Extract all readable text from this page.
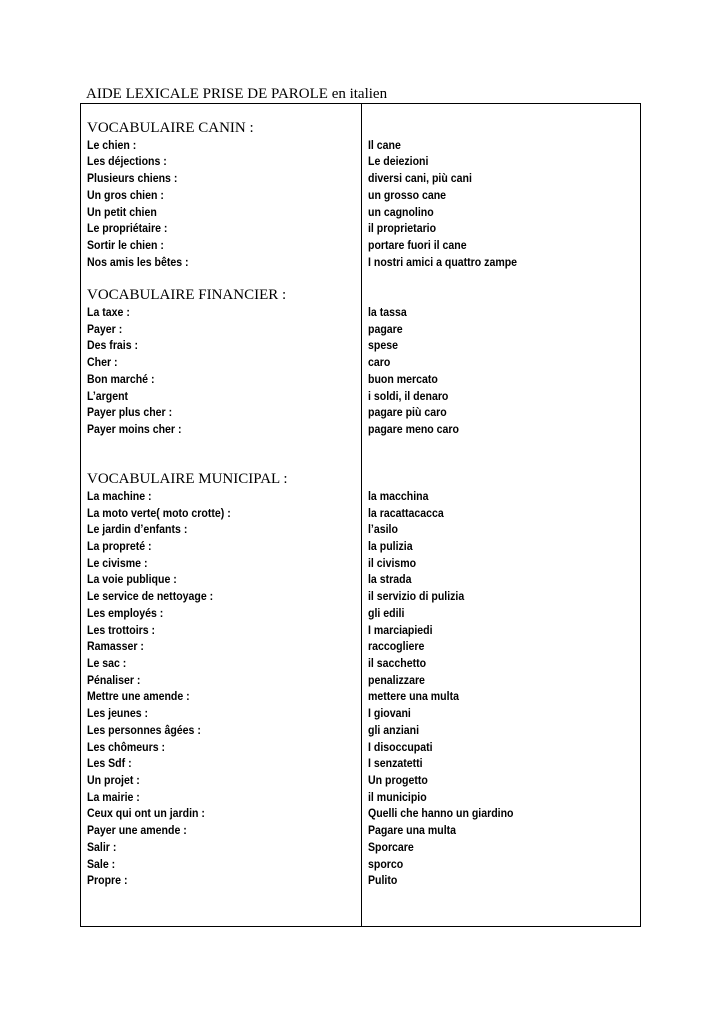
AIDE LEXICALE PRISE DE PAROLE en italien
VOCABULAIRE CANIN :
Le chien :
Les déjections :
Plusieurs chiens :
Un gros chien :
Un petit chien
Le propriétaire :
Sortir le chien :
Nos amis les bêtes :
VOCABULAIRE FINANCIER :
La taxe :
Payer :
Des frais :
Cher :
Bon marché :
L’argent
Payer plus cher :
Payer moins cher :
VOCABULAIRE MUNICIPAL :
La machine :
La moto verte( moto crotte) :
Le jardin d’enfants :
La propreté :
Le civisme :
La voie publique :
Le service de nettoyage :
Les employés :
Les trottoirs :
Ramasser :
Le sac :
Pénaliser :
Mettre une amende :
Les jeunes :
Les personnes âgées :
Les chômeurs :
Les Sdf :
Un projet :
La mairie :
Ceux qui ont un jardin :
Payer une amende :
Salir :
Sale :
Propre :
Il cane
Le deiezioni
diversi cani, più cani
un grosso cane
un cagnolino
il proprietario
portare fuori il cane
I nostri amici a quattro zampe
la tassa
pagare
spese
caro
buon mercato
i soldi, il denaro
pagare più caro
pagare meno caro
la macchina
la racattacacca
l’asilo
la pulizia
il civismo
la strada
il servizio di pulizia
gli edili
I marciapiedi
raccogliere
il sacchetto
penalizzare
mettere una multa
I giovani
gli anziani
I disoccupati
I senzatetti
Un progetto
il municipio
Quelli che hanno un giardino
Pagare una multa
Sporcare
sporco
Pulito
